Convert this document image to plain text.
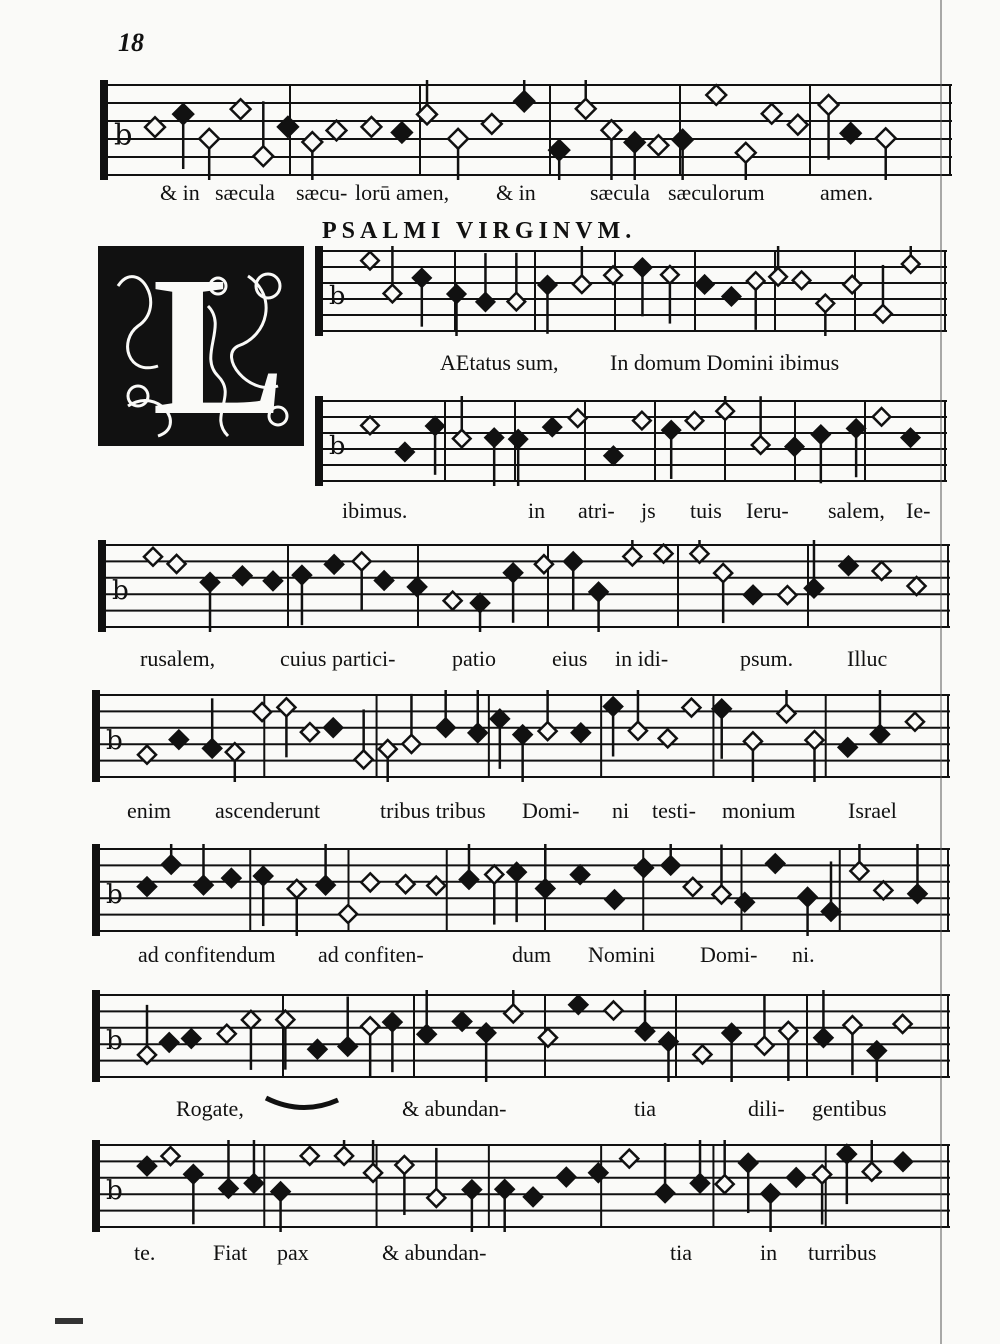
18
PSALMI VIRGINVM.
L
b
& in sæcula sæcu- lorū amen, & in sæcula sæculorum	amen.
b
AEtatus sum, In domum Domini ibimus
b
ibimus.	in atri- js tuis Ieru- salem, Ie-
b
rusalem,	cuius partici-	patio	eius in idi-	psum. Illuc
b
enim ascenderunt	tribus tribus Domi- ni testi- monium Israel
b
ad confitendum ad confiten-	dum Nomini Domi- ni.
b
Rogate,	& abundan-	tia	dili- gentibus
b
te.	Fiat pax	& abundan-	tia	in turribus
